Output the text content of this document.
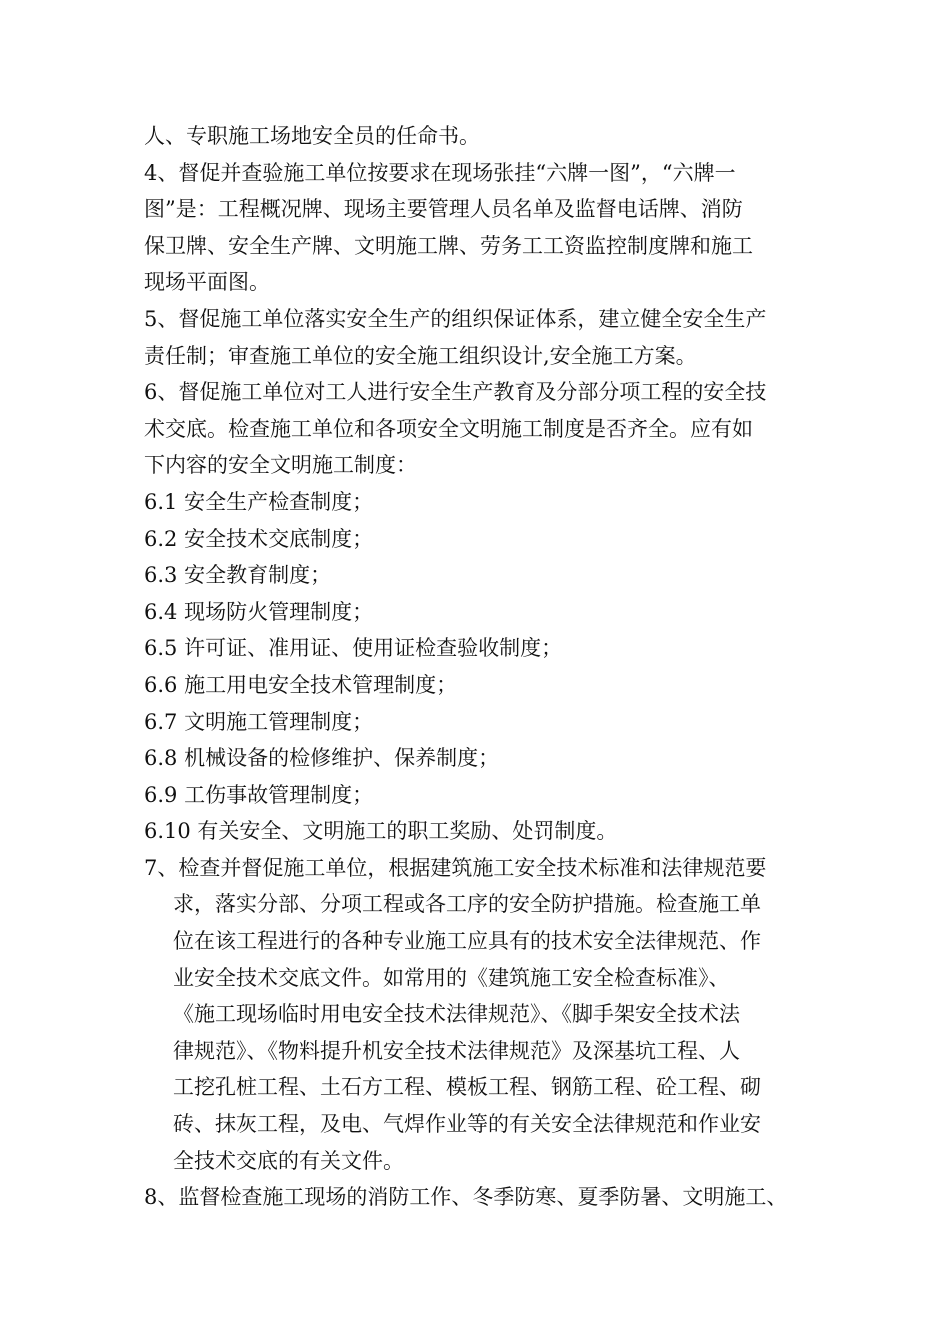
人、专职施工场地安全员的任命书。
4、督促并查验施工单位按要求在现场张挂“六牌一图”，“六牌一
图”是：工程概况牌、现场主要管理人员名单及监督电话牌、消防
保卫牌、安全生产牌、文明施工牌、劳务工工资监控制度牌和施工
现场平面图。
5、督促施工单位落实安全生产的组织保证体系，建立健全安全生产
责任制；审查施工单位的安全施工组织设计,安全施工方案。
6、督促施工单位对工人进行安全生产教育及分部分项工程的安全技
术交底。检查施工单位和各项安全文明施工制度是否齐全。应有如
下内容的安全文明施工制度：
6.1 安全生产检查制度；
6.2 安全技术交底制度；
6.3 安全教育制度；
6.4 现场防火管理制度；
6.5 许可证、准用证、使用证检查验收制度；
6.6 施工用电安全技术管理制度；
6.7 文明施工管理制度；
6.8 机械设备的检修维护、保养制度；
6.9 工伤事故管理制度；
6.10 有关安全、文明施工的职工奖励、处罚制度。
7、检查并督促施工单位，根据建筑施工安全技术标准和法律规范要
求，落实分部、分项工程或各工序的安全防护措施。检查施工单
位在该工程进行的各种专业施工应具有的技术安全法律规范、作
业安全技术交底文件。如常用的《建筑施工安全检查标准》、
《施工现场临时用电安全技术法律规范》、《脚手架安全技术法
律规范》、《物料提升机安全技术法律规范》及深基坑工程、人
工挖孔桩工程、土石方工程、模板工程、钢筋工程、砼工程、砌
砖、抹灰工程，及电、气焊作业等的有关安全法律规范和作业安
全技术交底的有关文件。
8、监督检查施工现场的消防工作、冬季防寒、夏季防暑、文明施工、
